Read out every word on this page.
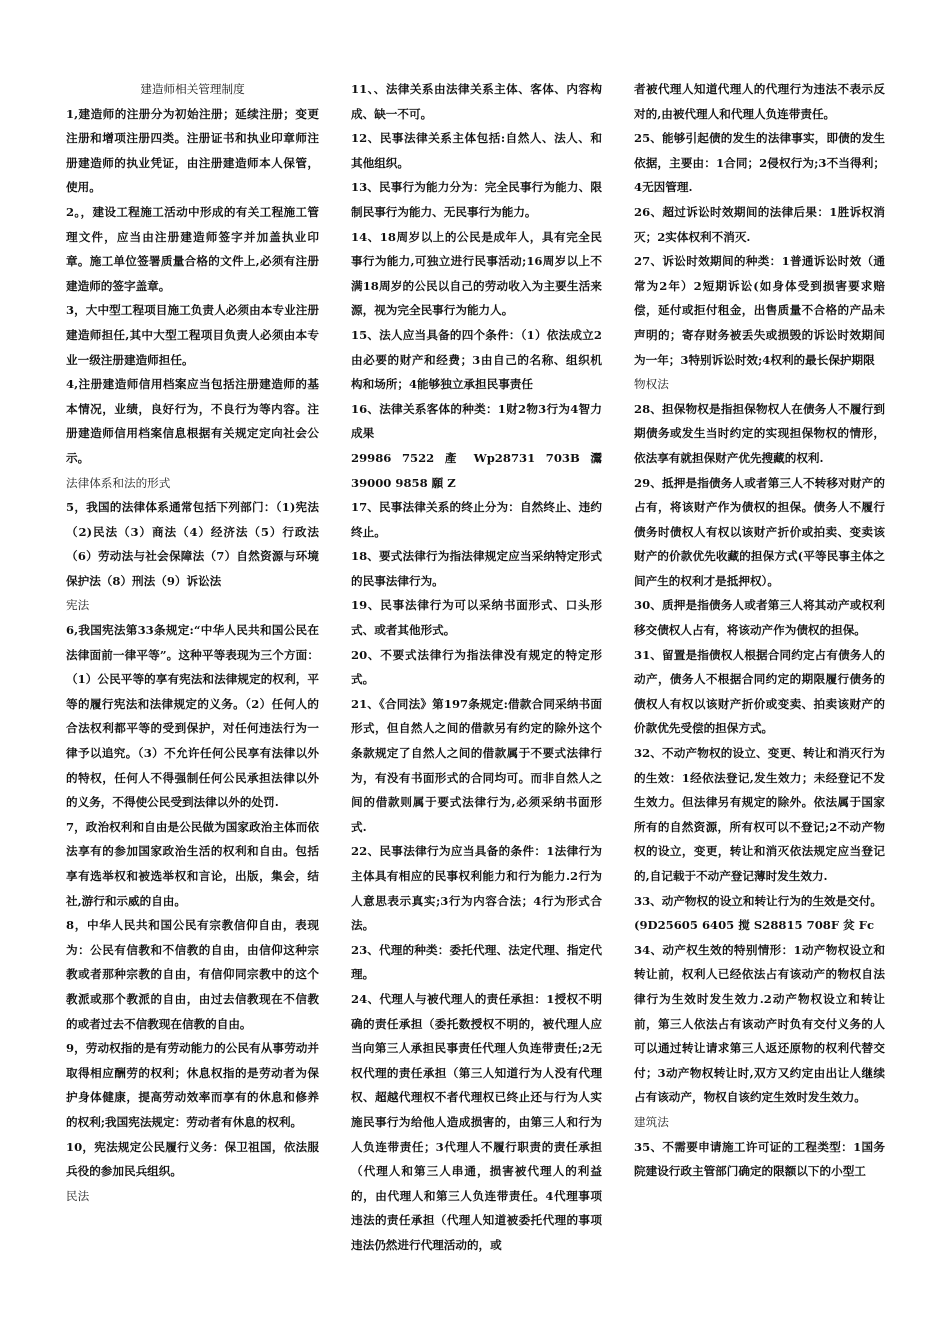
建造师相关管理制度

1,建造师的注册分为初始注册；延续注册；变更注册和增项注册四类。注册证书和执业印章师注册建造师的执业凭证，由注册建造师本人保管，使用。

2。，建设工程施工活动中形成的有关工程施工管理文件，应当由注册建造师签字并加盖执业印章。施工单位签署质量合格的文件上,必须有注册建造师的签字盖章。

3，大中型工程项目施工负责人必须由本专业注册建造师担任,其中大型工程项目负责人必须由本专业一级注册建造师担任。

4,注册建造师信用档案应当包括注册建造师的基本情况，业绩，良好行为，不良行为等内容。注册建造师信用档案信息根据有关规定定向社会公示。

法律体系和法的形式

5，我国的法律体系通常包括下列部门：（1)宪法（2)民法（3）商法（4）经济法（5）行政法（6）劳动法与社会保障法（7）自然资源与环境保护法（8）刑法（9）诉讼法

宪法

6,我国宪法第33条规定:“中华人民共和国公民在法律面前一律平等”。这种平等表现为三个方面：（1）公民平等的享有宪法和法律规定的权利，平等的履行宪法和法律规定的义务。（2）任何人的合法权利都平等的受到保护，对任何违法行为一律予以追究。（3）不允许任何公民享有法律以外的特权，任何人不得强制任何公民承担法律以外的义务，不得使公民受到法律以外的处罚.

7，政治权利和自由是公民做为国家政治主体而依法享有的参加国家政治生活的权利和自由。包括享有选举权和被选举权和言论，出版，集会，结社,游行和示威的自由。

8，中华人民共和国公民有宗教信仰自由，表现为：公民有信教和不信教的自由，由信仰这种宗教或者那种宗教的自由，有信仰同宗教中的这个教派或那个教派的自由，由过去信教现在不信教的或者过去不信教现在信教的自由。

9，劳动权指的是有劳动能力的公民有从事劳动并取得相应酬劳的权利；休息权指的是劳动者为保护身体健康，提高劳动效率而享有的休息和修养的权利;我国宪法规定：劳动者有休息的权利。

10，宪法规定公民履行义务：保卫祖国，依法服兵役的参加民兵组织。

民法

11、、法律关系由法律关系主体、客体、内容构成、缺一不可。

12、民事法律关系主体包括:自然人、法人、和其他组织。

13、民事行为能力分为：完全民事行为能力、限制民事行为能力、无民事行为能力。

14、18周岁以上的公民是成年人，具有完全民事行为能力,可独立进行民事活动;16周岁以上不满18周岁的公民以自己的劳动收入为主要生活来源，视为完全民事行为能力人。

15、法人应当具备的四个条件：（1）依法成立2由必要的财产和经费；3由自己的名称、组织机构和场所；4能够独立承担民事责任

16、法律关系客体的种类：1财2物3行为4智力成果

29986 7522 產 Wp28731 703B 灊 39000 9858 願 Z

17、民事法律关系的终止分为：自然终止、违约终止。

18、要式法律行为指法律规定应当采纳特定形式的民事法律行为。

19、民事法律行为可以采纳书面形式、口头形式、或者其他形式。

20、不要式法律行为指法律没有规定的特定形式。

21、《合同法》第197条规定:借款合同采纳书面形式，但自然人之间的借款另有约定的除外这个条款规定了自然人之间的借款属于不要式法律行为，有没有书面形式的合同均可。而非自然人之间的借款则属于要式法律行为,必须采纳书面形式.

22、民事法律行为应当具备的条件：1法律行为主体具有相应的民事权利能力和行为能力.2行为人意思表示真实;3行为内容合法；4行为形式合法。

23、代理的种类：委托代理、法定代理、指定代理。

24、代理人与被代理人的责任承担：1授权不明确的责任承担（委托数授权不明的，被代理人应当向第三人承担民事责任代理人负连带责任;2无权代理的责任承担（第三人知道行为人没有代理权、超越代理权不者代理权已终止还与行为人实施民事行为给他人造成损害的，由第三人和行为人负连带责任；3代理人不履行职责的责任承担（代理人和第三人串通，损害被代理人的利益的，由代理人和第三人负连带责任。4代理事项违法的责任承担（代理人知道被委托代理的事项违法仍然进行代理活动的，或

者被代理人知道代理人的代理行为违法不表示反对的,由被代理人和代理人负连带责任。

25、能够引起债的发生的法律事实，即债的发生依据，主要由：1合同；2侵权行为;3不当得利；4无因管理.

26、超过诉讼时效期间的法律后果：1胜诉权消灭；2实体权利不消灭.

27、诉讼时效期间的种类：1普通诉讼时效（通常为2年）2短期诉讼(如身体受到损害要求赔偿，延付或拒付租金，出售质量不合格的产品未声明的；寄存财务被丢失或损毁的诉讼时效期间为一年；3特别诉讼时效;4权利的最长保护期限

物权法

28、担保物权是指担保物权人在债务人不履行到期债务或发生当时约定的实现担保物权的情形，依法享有就担保财产优先搜藏的权利.

29、抵押是指债务人或者第三人不转移对财产的占有，将该财产作为债权的担保。债务人不履行债务时债权人有权以该财产折价或拍卖、变卖该财产的价款优先收藏的担保方式(平等民事主体之间产生的权利才是抵押权）。

30、质押是指债务人或者第三人将其动产或权利移交债权人占有，将该动产作为债权的担保。

31、留置是指债权人根据合同约定占有债务人的动产，债务人不根据合同约定的期限履行债务的债权人有权以该财产折价或变卖、拍卖该财产的价款优先受偿的担保方式。

32、不动产物权的设立、变更、转让和消灭行为的生效：1经依法登记,发生效力；未经登记不发生效力。但法律另有规定的除外。依法属于国家所有的自然资源，所有权可以不登记;2不动产物权的设立，变更，转让和消灭依法规定应当登记的,自记载于不动产登记薄时发生效力.

33、动产物权的设立和转让行为的生效是交付。

(9D25605 6405 搅 S28815 708F 炃 Fc

34、动产权生效的特别情形：1动产物权设立和转让前，权利人已经依法占有该动产的物权自法律行为生效时发生效力.2动产物权设立和转让前，第三人依法占有该动产时负有交付义务的人可以通过转让请求第三人返还原物的权利代替交付；3动产物权转让时,双方又约定由出让人继续占有该动产，物权自该约定生效时发生效力。

建筑法

35、不需要申请施工许可证的工程类型：1国务院建设行政主管部门确定的限额以下的小型工
